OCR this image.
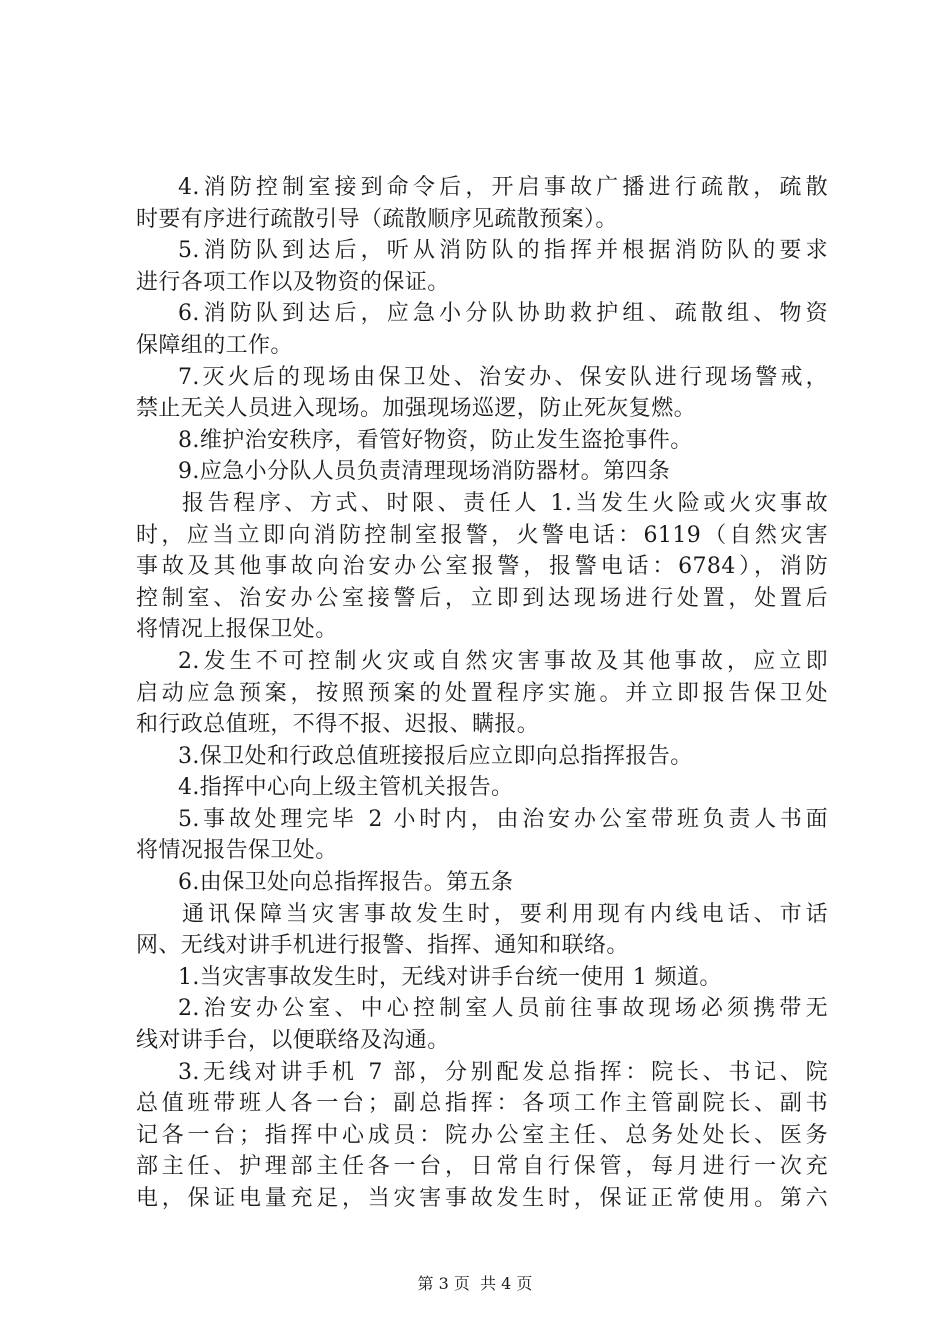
4.消防控制室接到命令后，开启事故广播进行疏散，疏散
时要有序进行疏散引导（疏散顺序见疏散预案）。
5.消防队到达后，听从消防队的指挥并根据消防队的要求
进行各项工作以及物资的保证。
6.消防队到达后，应急小分队协助救护组、疏散组、物资
保障组的工作。
7.灭火后的现场由保卫处、治安办、保安队进行现场警戒，
禁止无关人员进入现场。加强现场巡逻，防止死灰复燃。
8.维护治安秩序，看管好物资，防止发生盗抢事件。
9.应急小分队人员负责清理现场消防器材。第四条
报告程序、方式、时限、责任人 1.当发生火险或火灾事故
时，应当立即向消防控制室报警，火警电话：6119（自然灾害
事故及其他事故向治安办公室报警，报警电话：6784），消防
控制室、治安办公室接警后，立即到达现场进行处置，处置后
将情况上报保卫处。
2.发生不可控制火灾或自然灾害事故及其他事故，应立即
启动应急预案，按照预案的处置程序实施。并立即报告保卫处
和行政总值班，不得不报、迟报、瞒报。
3.保卫处和行政总值班接报后应立即向总指挥报告。
4.指挥中心向上级主管机关报告。
5.事故处理完毕 2 小时内，由治安办公室带班负责人书面
将情况报告保卫处。
6.由保卫处向总指挥报告。第五条
通讯保障当灾害事故发生时，要利用现有内线电话、市话
网、无线对讲手机进行报警、指挥、通知和联络。
1.当灾害事故发生时，无线对讲手台统一使用 1 频道。
2.治安办公室、中心控制室人员前往事故现场必须携带无
线对讲手台，以便联络及沟通。
3.无线对讲手机 7 部，分别配发总指挥：院长、书记、院
总值班带班人各一台；副总指挥：各项工作主管副院长、副书
记各一台；指挥中心成员：院办公室主任、总务处处长、医务
部主任、护理部主任各一台，日常自行保管，每月进行一次充
电，保证电量充足，当灾害事故发生时，保证正常使用。第六
第 3 页  共 4 页
